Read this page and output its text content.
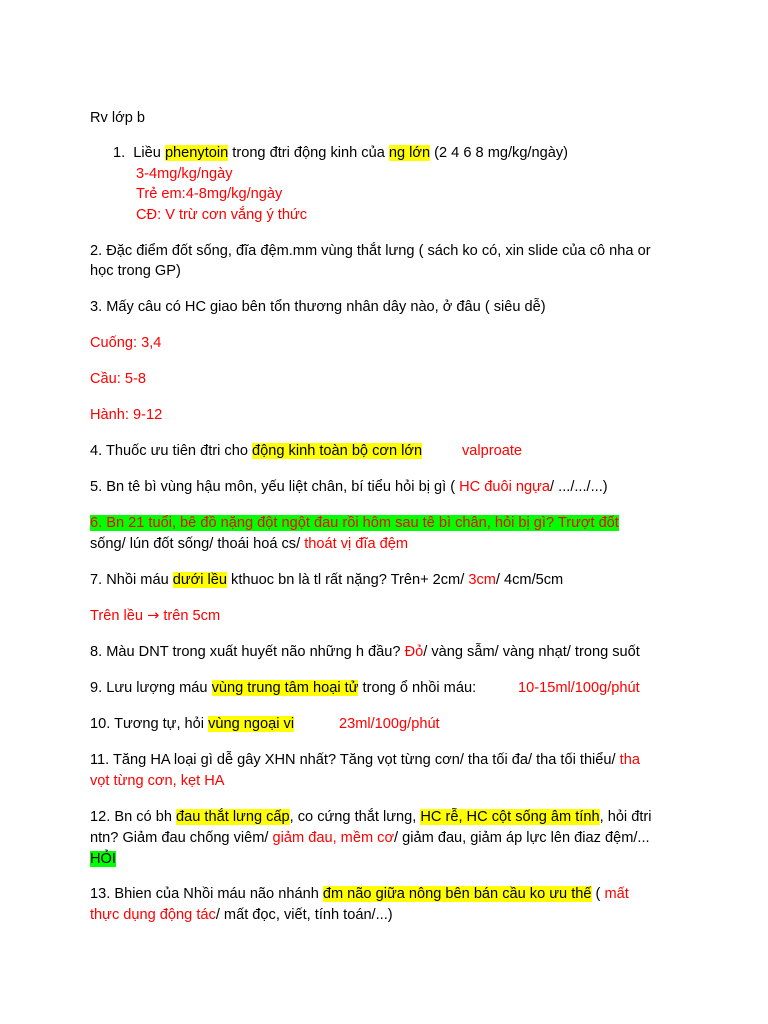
Rv lớp b
1. Liều phenytoin trong đtri động kinh của ng lớn (2 4 6 8 mg/kg/ngày)
3-4mg/kg/ngày
Trẻ em:4-8mg/kg/ngày
CĐ: V trừ cơn vắng ý thức
2. Đặc điểm đốt sống, đĩa đệm.mm vùng thắt lưng ( sách ko có, xin slide của cô nha or
học trong GP)
3. Mấy câu có HC giao bên tổn thương nhân dây nào, ở đâu ( siêu dễ)
Cuống: 3,4
Cầu: 5-8
Hành: 9-12
4. Thuốc ưu tiên đtri cho động kinh toàn bộ cơn lớn	valproate
5. Bn tê bì vùng hậu môn, yếu liệt chân, bí tiểu hỏi bị gì ( HC đuôi ngựa/ .../.../...)
6. Bn 21 tuổi, bê đồ nặng đột ngột đau rồi hôm sau tê bì chân, hỏi bị gì? Trượt đốt
sống/ lún đốt sống/ thoái hoá cs/ thoát vị đĩa đệm
7. Nhồi máu dưới lều kthuoc bn là tl rất nặng? Trên+ 2cm/ 3cm/ 4cm/5cm
Trên lều → trên 5cm
8. Màu DNT trong xuất huyết não những h đầu? Đỏ/ vàng sẫm/ vàng nhạt/ trong suốt
9. Lưu lượng máu vùng trung tâm hoại tử trong ổ nhồi máu:	10-15ml/100g/phút
10. Tương tự, hỏi vùng ngoại vi	23ml/100g/phút
11. Tăng HA loại gì dễ gây XHN nhất? Tăng vọt từng cơn/ tha tối đa/ tha tối thiểu/ tha
vọt từng cơn, kẹt HA
12. Bn có bh đau thắt lưng cấp, co cứng thắt lưng, HC rễ, HC cột sống âm tính, hỏi đtri
ntn? Giảm đau chống viêm/ giảm đau, mềm cơ/ giảm đau, giảm áp lực lên điaz đệm/...
HỎI
13. Bhien của Nhồi máu não nhánh đm não giữa nông bên bán cầu ko ưu thế ( mất
thực dụng động tác/ mất đọc, viết, tính toán/...)
